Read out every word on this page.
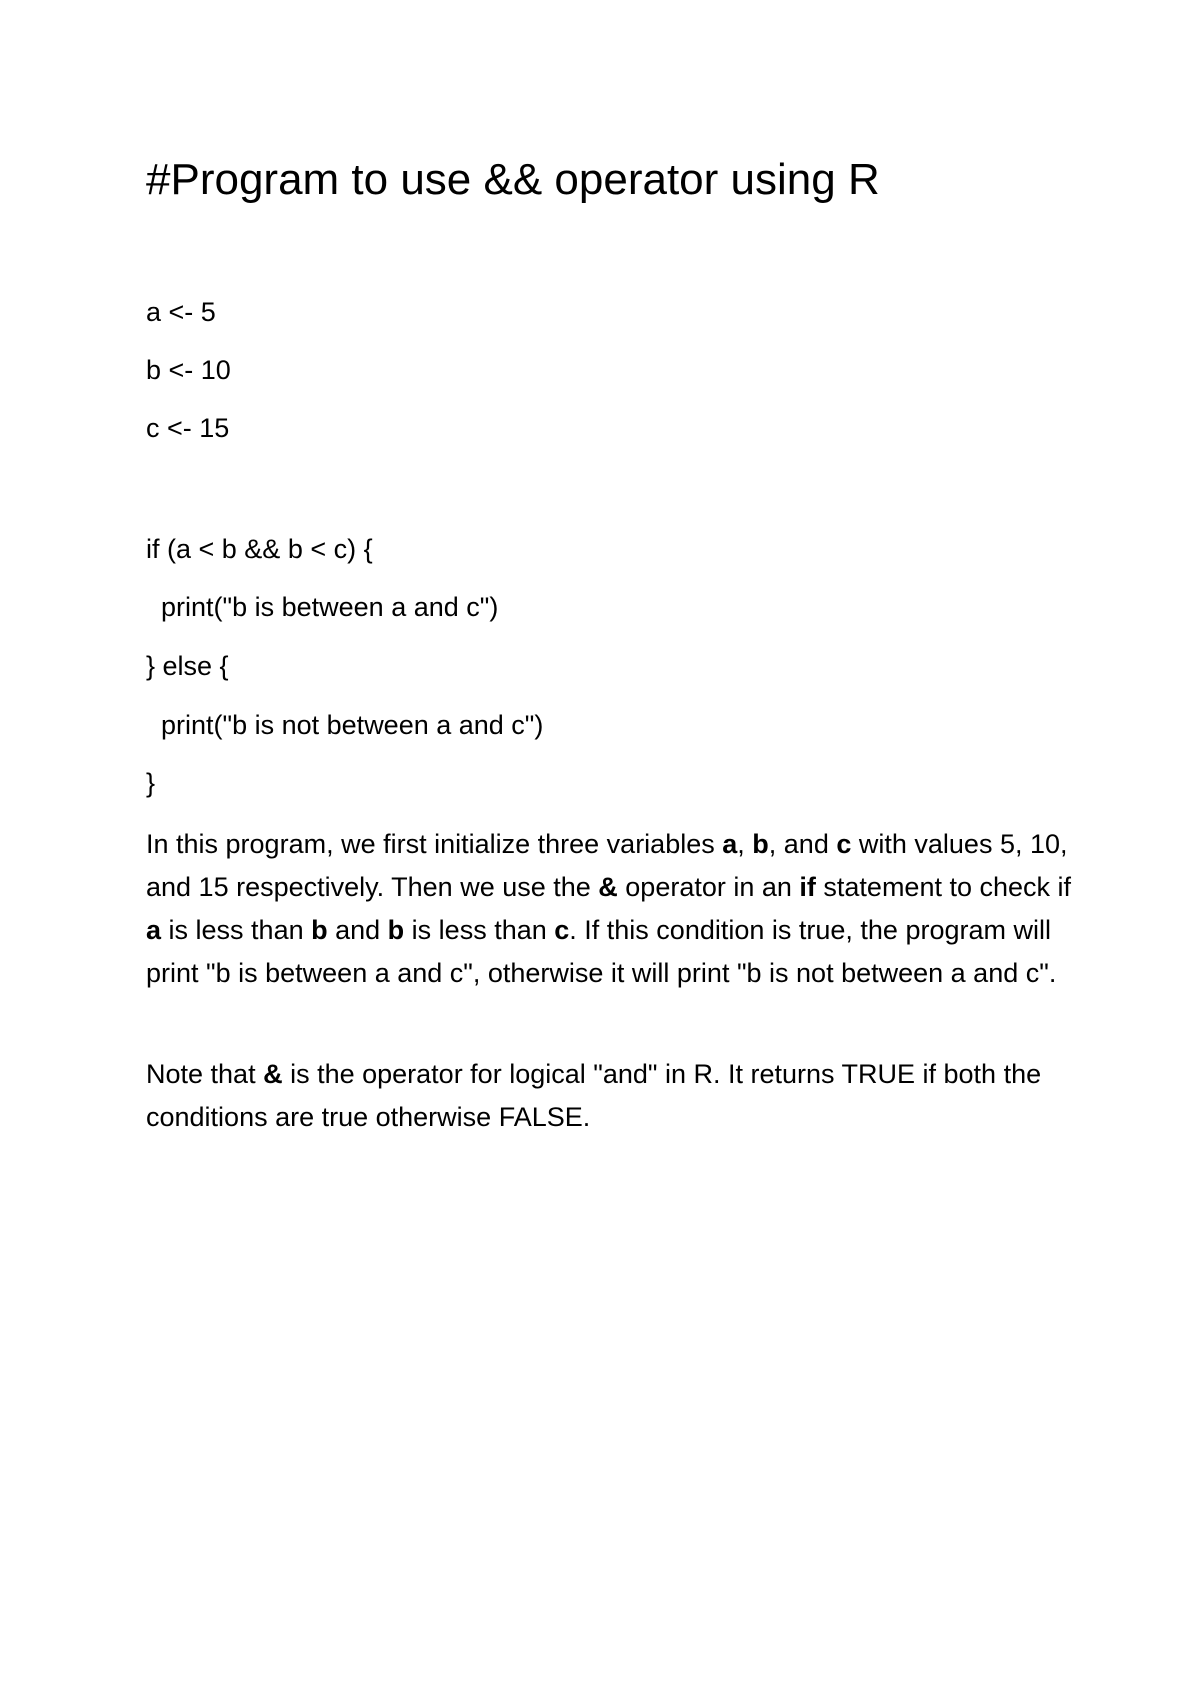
#Program to use && operator using R

a <- 5

b <- 10

c <- 15

if (a < b && b < c) {

print("b is between a and c")

} else {

print("b is not between a and c")

}

In this program, we first initialize three variables a, b, and c with values 5, 10, and 15 respectively. Then we use the & operator in an if statement to check if a is less than b and b is less than c. If this condition is true, the program will print "b is between a and c", otherwise it will print "b is not between a and c".

Note that & is the operator for logical "and" in R. It returns TRUE if both the conditions are true otherwise FALSE.
